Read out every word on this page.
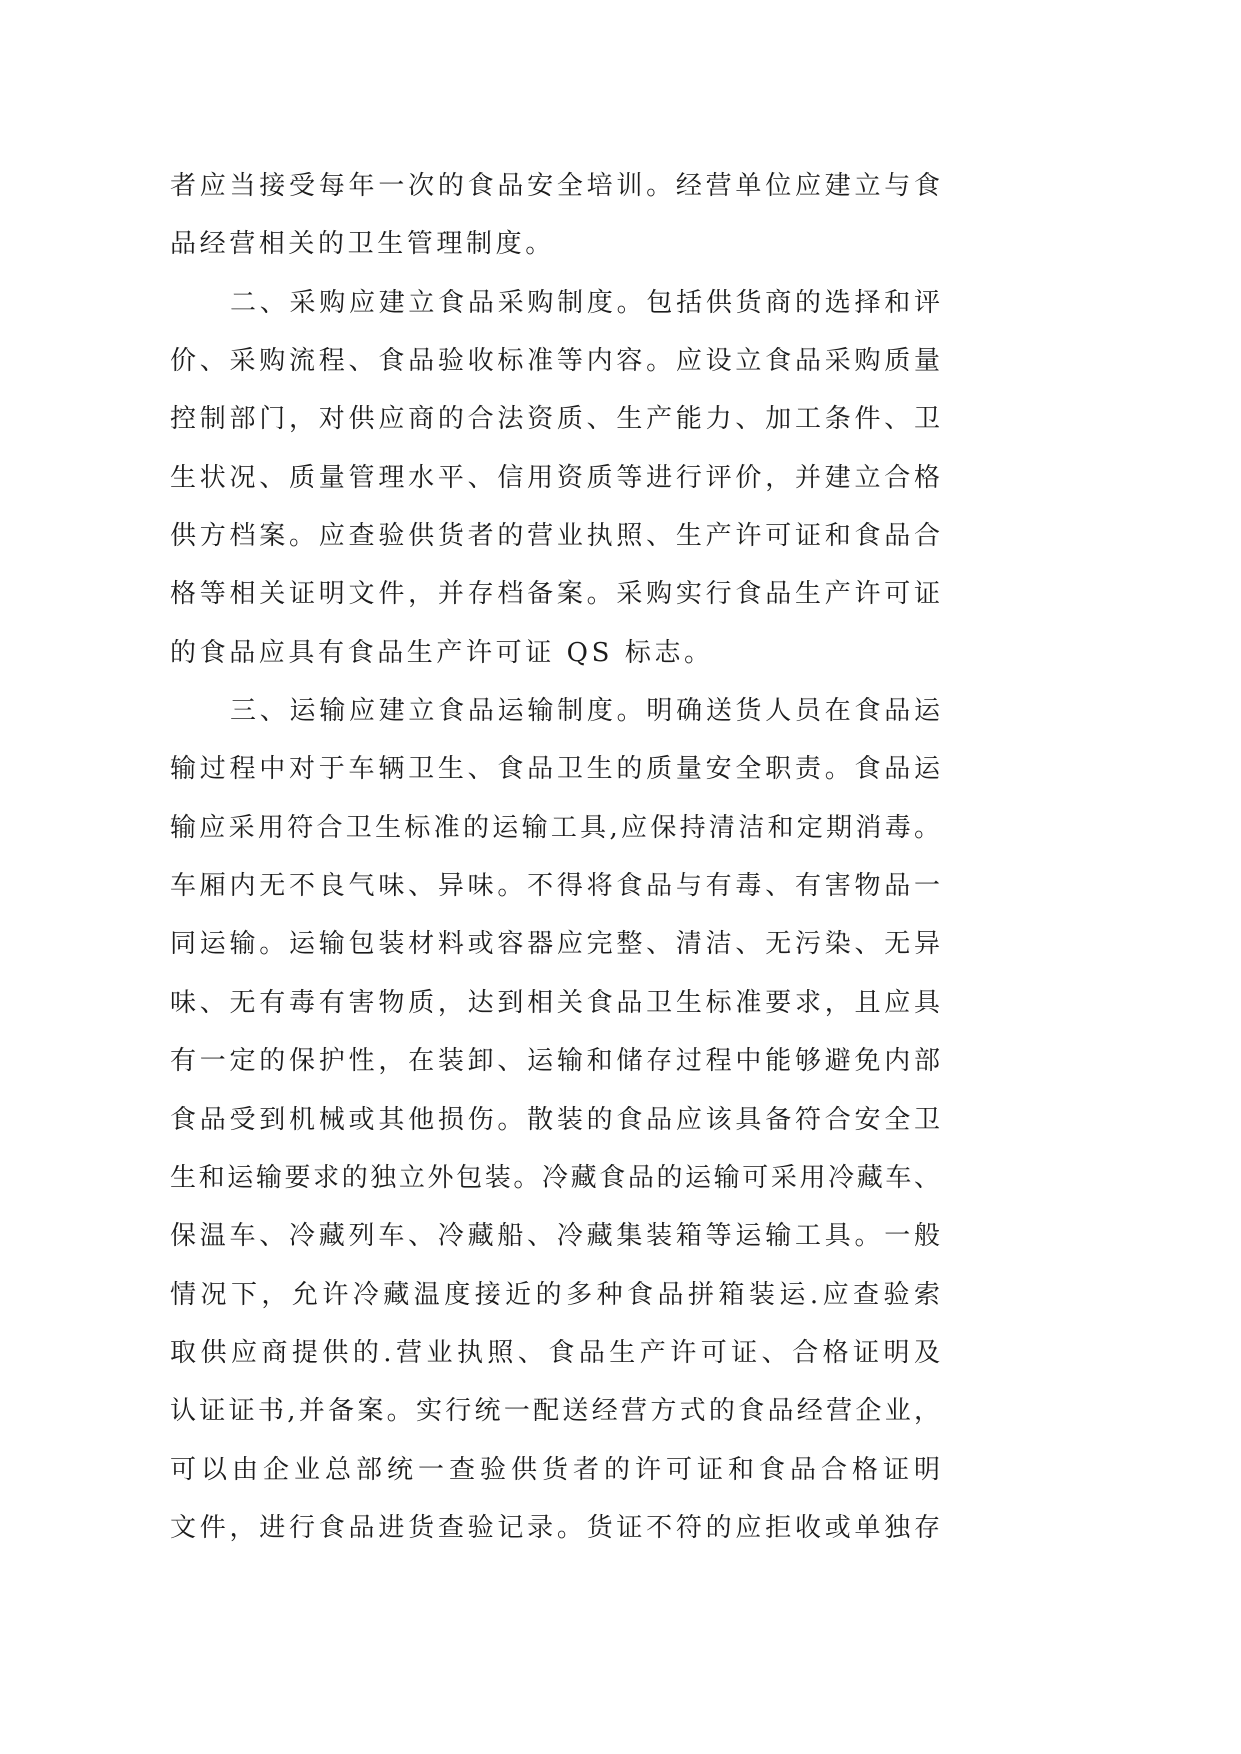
者应当接受每年一次的食品安全培训。经营单位应建立与食
品经营相关的卫生管理制度。
二、采购应建立食品采购制度。包括供货商的选择和评
价、采购流程、食品验收标准等内容。应设立食品采购质量
控制部门，对供应商的合法资质、生产能力、加工条件、卫
生状况、质量管理水平、信用资质等进行评价，并建立合格
供方档案。应查验供货者的营业执照、生产许可证和食品合
格等相关证明文件，并存档备案。采购实行食品生产许可证
的食品应具有食品生产许可证 QS 标志。
三、运输应建立食品运输制度。明确送货人员在食品运
输过程中对于车辆卫生、食品卫生的质量安全职责。食品运
输应采用符合卫生标准的运输工具,应保持清洁和定期消毒。
车厢内无不良气味、异味。不得将食品与有毒、有害物品一
同运输。运输包装材料或容器应完整、清洁、无污染、无异
味、无有毒有害物质，达到相关食品卫生标准要求，且应具
有一定的保护性，在装卸、运输和储存过程中能够避免内部
食品受到机械或其他损伤。散装的食品应该具备符合安全卫
生和运输要求的独立外包装。冷藏食品的运输可采用冷藏车、
保温车、冷藏列车、冷藏船、冷藏集装箱等运输工具。一般
情况下，允许冷藏温度接近的多种食品拼箱装运.应查验索
取供应商提供的.营业执照、食品生产许可证、合格证明及
认证证书,并备案。实行统一配送经营方式的食品经营企业，
可以由企业总部统一查验供货者的许可证和食品合格证明
文件，进行食品进货查验记录。货证不符的应拒收或单独存
